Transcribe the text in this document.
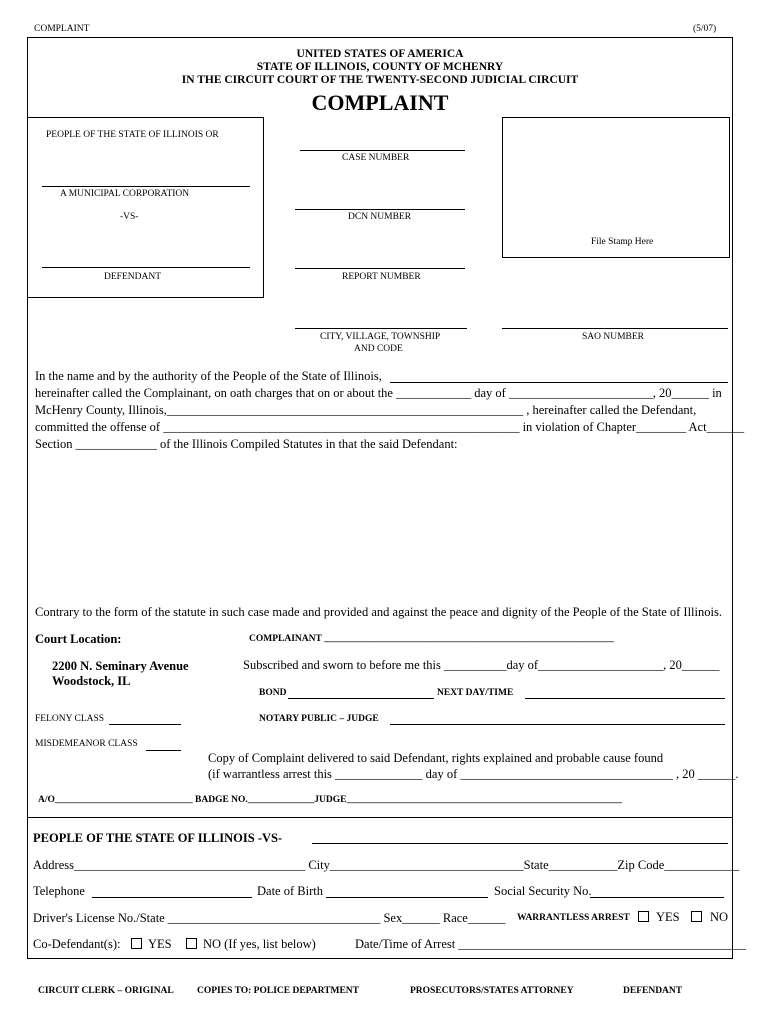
COMPLAINT	(5/07)
UNITED STATES OF AMERICA
STATE OF ILLINOIS, COUNTY OF MCHENRY
IN THE CIRCUIT COURT OF THE TWENTY-SECOND JUDICIAL CIRCUIT
COMPLAINT
PEOPLE OF THE STATE OF ILLINOIS OR
A MUNICIPAL CORPORATION
-VS-
DEFENDANT
CASE NUMBER
DCN NUMBER
REPORT NUMBER
File Stamp Here
CITY, VILLAGE, TOWNSHIP
AND CODE
SAO NUMBER
In the name and by the authority of the People of the State of Illinois,
hereinafter called the Complainant, on oath charges that on or about the ____________ day of _______________________, 20______ in
McHenry County, Illinois,_________________________________________________________ , hereinafter called the Defendant,
committed the offense of _________________________________________________________ in violation of Chapter________ Act______
Section _____________ of the Illinois Compiled Statutes in that the said Defendant:
Contrary to the form of the statute in such case made and provided and against the peace and dignity of the People of the State of Illinois.
Court Location:	COMPLAINANT _____________________________________________________________
2200 N. Seminary Avenue
Woodstock, IL
Subscribed and sworn to before me this __________day of____________________, 20______
BOND	NEXT DAY/TIME
FELONY CLASS	NOTARY PUBLIC – JUDGE
MISDEMEANOR CLASS
Copy of Complaint delivered to said Defendant, rights explained and probable cause found
(if warrantless arrest this ______________ day of __________________________________ , 20 ______.
A/O_____________________________ BADGE NO.______________JUDGE__________________________________________________________
PEOPLE OF THE STATE OF ILLINOIS -VS-
Address_____________________________________ City_______________________________State___________Zip Code____________
Telephone	Date of Birth	Social Security No.
Driver's License No./State __________________________________ Sex______ Race______ WARRANTLESS ARREST YES NO
Co-Defendant(s): YES	NO (If yes, list below)	Date/Time of Arrest ______________________________________________
CIRCUIT CLERK – ORIGINAL COPIES TO: POLICE DEPARTMENT	PROSECUTORS/STATES ATTORNEY	DEFENDANT
